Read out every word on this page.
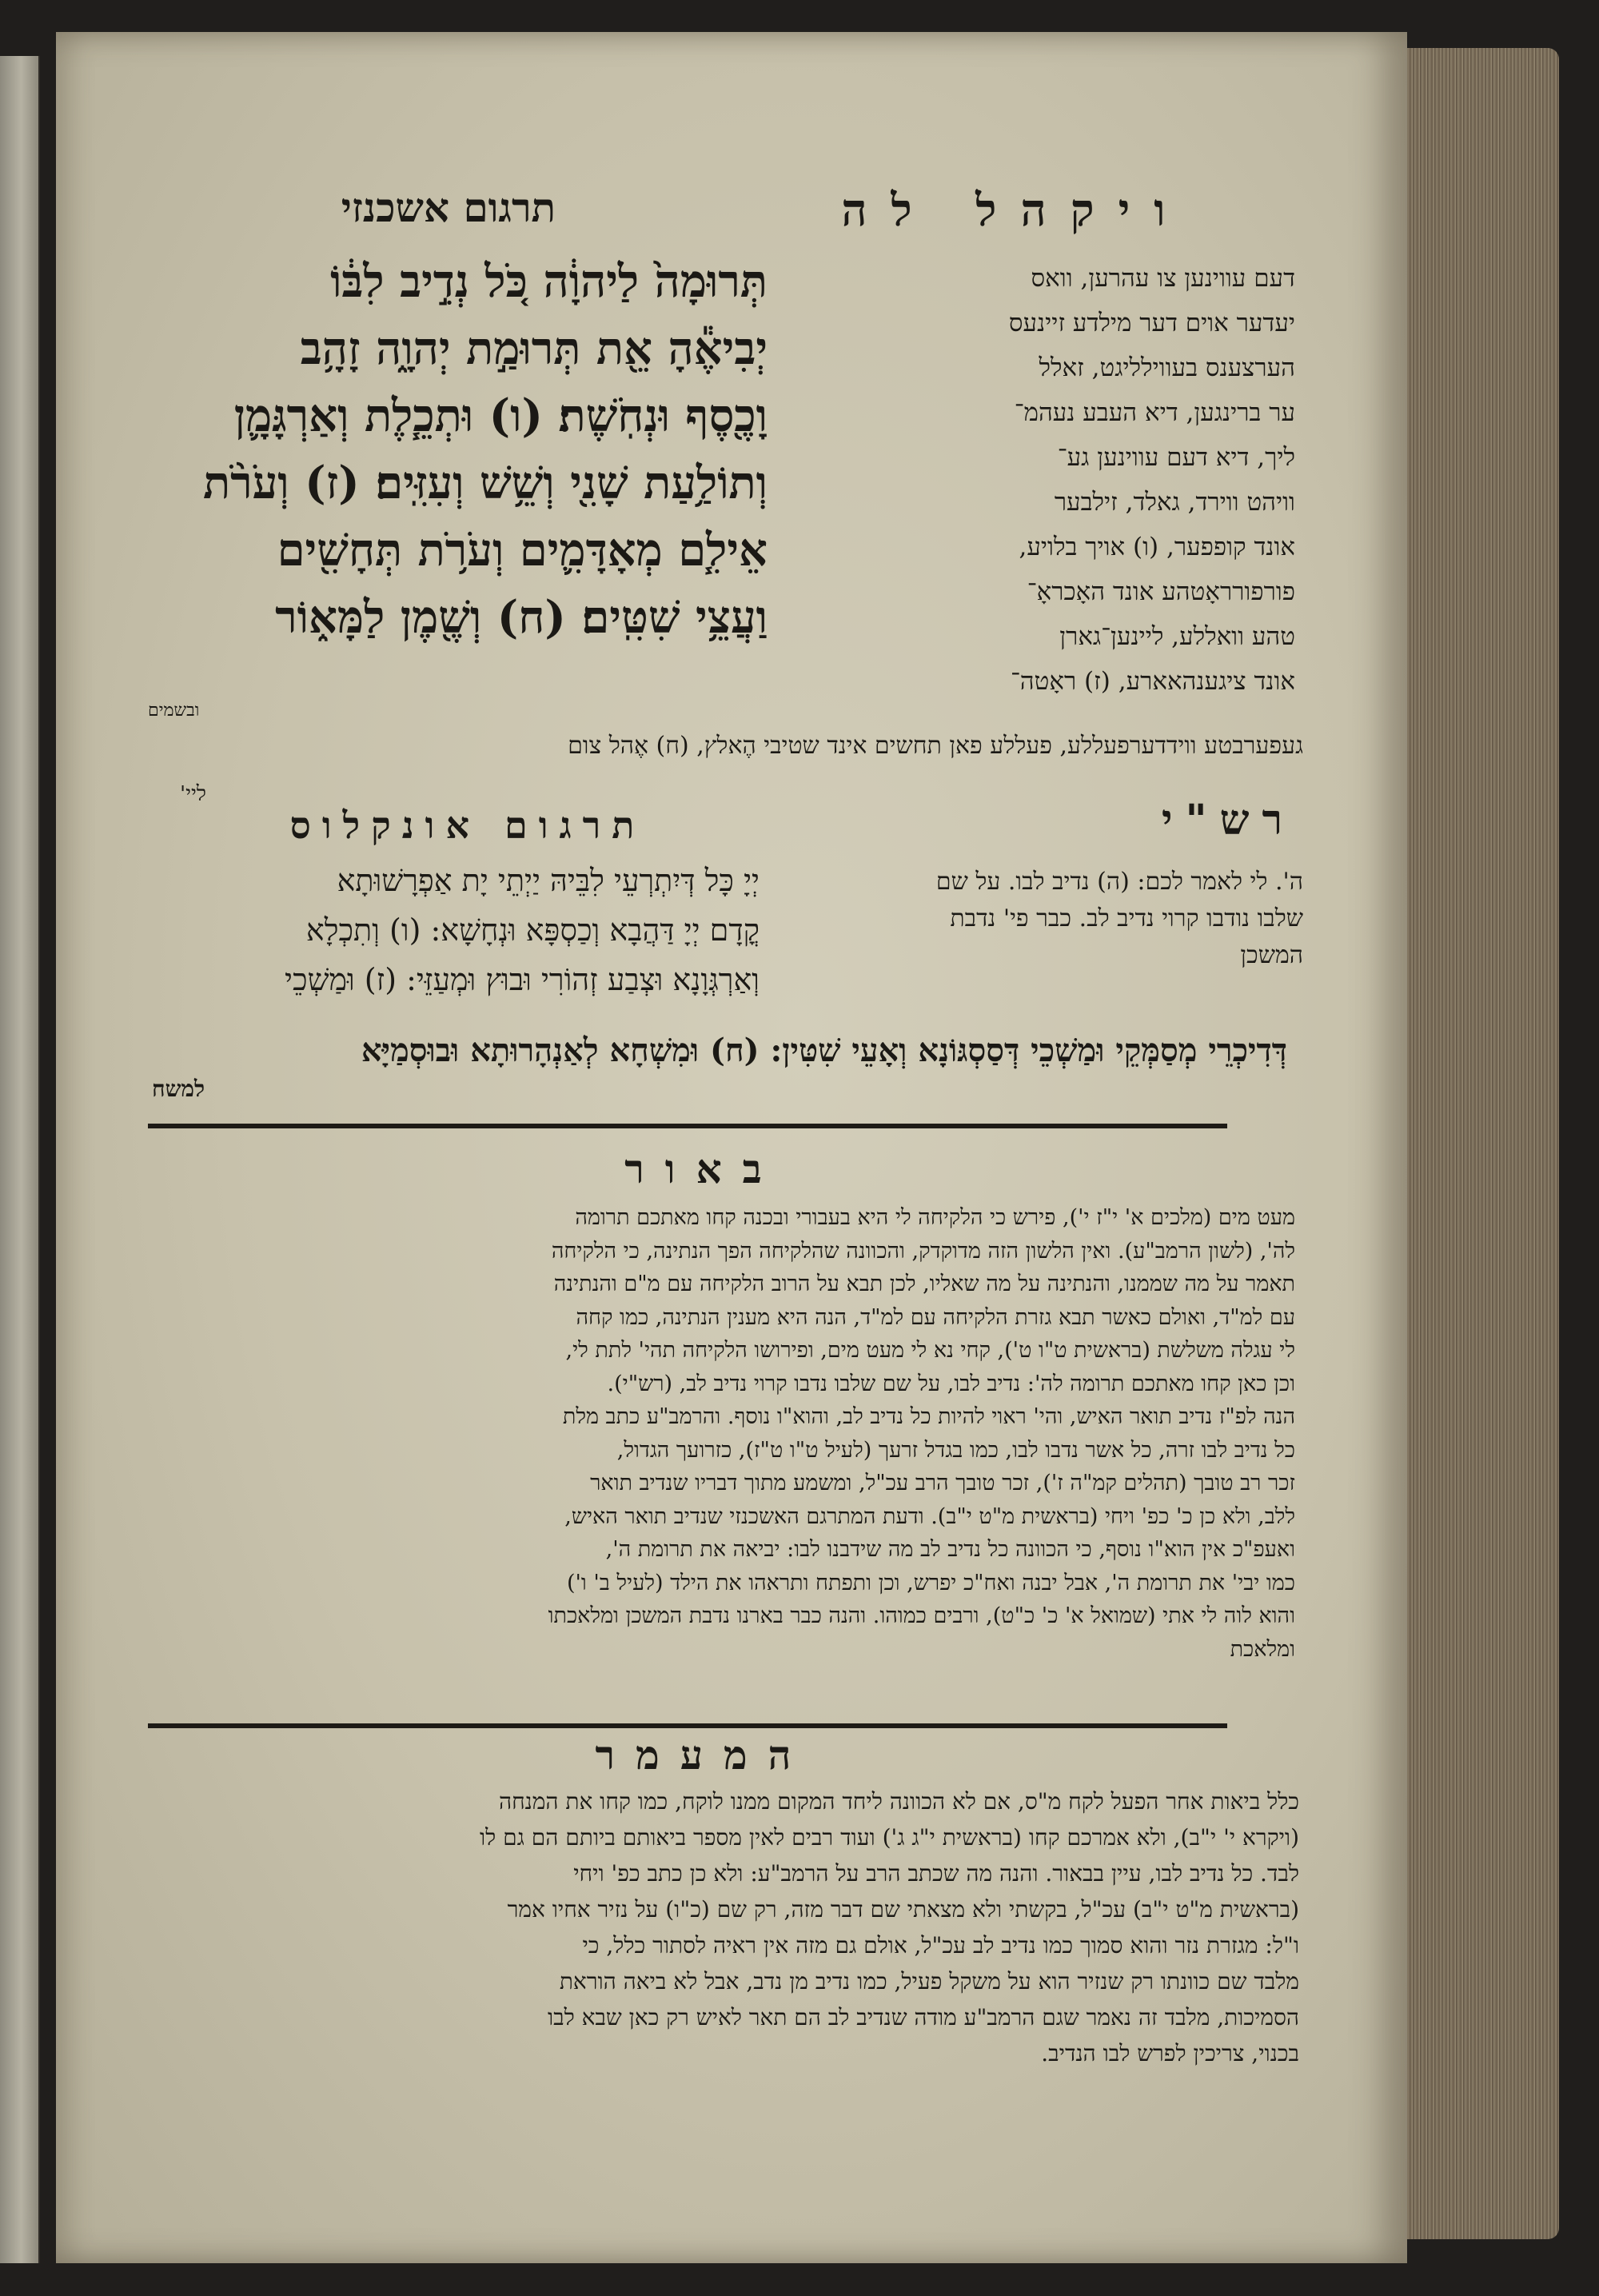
ויקהל לה
תרגום אשכנזי
תְּרוּמָה֙ לַיהוָ֔ה כֹּ֚ל נְדִ֣יב לִבּ֔וֹ
יְבִיאֶ֕הָ אֵ֖ת תְּרוּמַ֣ת יְהוָ֑ה זָהָ֥ב
וָכֶ֖סֶף וּנְחֹֽשֶׁת׃ (ו) וּתְכֵ֧לֶת וְאַרְגָּמָ֛ן
וְתוֹלַ֥עַת שָׁנִ֖י וְשֵׁ֥שׁ וְעִזִּֽים׃ (ז) וְעֹרֹ֨ת
אֵילִ֧ם מְאָדָּמִ֛ים וְעֹרֹ֥ת תְּחָשִׁ֖ים
וַעֲצֵ֥י שִׁטִּֽים׃ (ח) וְשֶׁ֖מֶן לַמָּא֑וֹר
דעם עווינען צו עהרען, וואס
יעדער אוים דער מילדע זיינעס
הערצענס בעווילליגט, זאלל
ער ברינגען, דיא העבע נעהמ־
ליך, דיא דעם עווינען גע־
וויהט ווירד, גאלד, זילבער
אונד קופפער, (ו) אויך בלויע,
פורפורראָטהע אונד האָכראָ־
טהע וואללע, ליינען־גארן
אונד ציגענהאארע, (ז) ראָטה־
ובשמים
געפערבטע ווידדערפעללע, פעללע פאן תחשים אינד שטיבי הֶאלץ, (ח) אֶהל צום
ליי'
רש"י
תרגום אונקלוס
ה'. לי לאמר לכם: (ה) נדיב לבו. על שם
שלבו נודבו קרוי נדיב לב. כבר פי' נדבת
המשכן
יְיָ כָּל דְּיִתְרְעֵי לִבֵּיהּ יַיְתֵי יָת אַפְרָשׁוּתָא
קֳדָם יְיָ דַּהֲבָא וְכַסְפָּא וּנְחָשָׁא: (ו) וְתִכְלָא
וְאַרְגְּוָנָא וּצְבַע זְהוֹרִי וּבוּץ וּמְעַזֵּי: (ז) וּמַשְׁכֵי
דְּדִיכְרֵי מְסַמְּקֵי וּמַשְׁכֵי דְּסַסְגּוֹנָא וְאָעֵי שִׁטִּין: (ח) וּמִשְׁחָא לְאַנְהָרוּתָא וּבוּסְמַיָּא
למשח
באור
מעט מים (מלכים א' י"ז י'), פירש כי הלקיחה לי היא בעבורי ובכנה קחו מאתכם תרומה
לה', (לשון הרמב"ע). ואין הלשון הזה מדוקדק, והכוונה שהלקיחה הפך הנתינה, כי הלקיחה
תאמר על מה שממנו, והנתינה על מה שאליו, לכן תבא על הרוב הלקיחה עם מ"ם והנתינה
עם למ"ד, ואולם כאשר תבא גזרת הלקיחה עם למ"ד, הנה היא מענין הנתינה, כמו קחה
לי עגלה משלשת (בראשית ט"ו ט'), קחי נא לי מעט מים, ופירושו הלקיחה תהי' לתת לי,
וכן כאן קחו מאתכם תרומה לה': נדיב לבו, על שם שלבו נדבו קרוי נדיב לב, (רש"י).
הנה לפ"ז נדיב תואר האיש, והי' ראוי להיות כל נדיב לב, והוא"ו נוסף. והרמב"ע כתב מלת
כל נדיב לבו זרה, כל אשר נדבו לבו, כמו בגדל זרעך (לעיל ט"ו ט"ז), כזרועך הגדול,
זכר רב טובך (תהלים קמ"ה ז'), זכר טובך הרב עכ"ל, ומשמע מתוך דבריו שנדיב תואר
ללב, ולא כן כ' כפ' ויחי (בראשית מ"ט י"ב). ודעת המתרגם האשכנזי שנדיב תואר האיש,
ואעפ"כ אין הוא"ו נוסף, כי הכוונה כל נדיב לב מה שידבנו לבו: יביאה את תרומת ה',
כמו יבי' את תרומת ה', אבל יבנה ואח"כ יפרש, וכן ותפתח ותראהו את הילד (לעיל ב' ו')
והוא לוה לי אתי (שמואל א' כ' כ"ט), ורבים כמוהו. והנה כבר בארנו נדבת המשכן ומלאכתו
ומלאכת
המעמר
כלל ביאות אחר הפעל לקח מ"ס, אם לא הכוונה ליחד המקום ממנו לוקח, כמו קחו את המנחה
(ויקרא י' י"ב), ולא אמרכם קחו (בראשית י"ג ג') ועוד רבים לאין מספר ביאותם ביותם הם גם לו
לבד. כל נדיב לבו, עיין בבאור. והנה מה שכתב הרב על הרמב"ע: ולא כן כתב כפ' ויחי
(בראשית מ"ט י"ב) עכ"ל, בקשתי ולא מצאתי שם דבר מזה, רק שם (כ"ו) על נזיר אחיו אמר
ו"ל: מגזרת נזר והוא סמוך כמו נדיב לב עכ"ל, אולם גם מזה אין ראיה לסתור כלל, כי
מלבד שם כוונתו רק שנזיר הוא על משקל פעיל, כמו נדיב מן נדב, אבל לא ביאה הוראת
הסמיכות, מלבד זה נאמר שגם הרמב"ע מודה שנדיב לב הם תאר לאיש רק כאן שבא לבו
בכנוי, צריכין לפרש לבו הנדיב.
